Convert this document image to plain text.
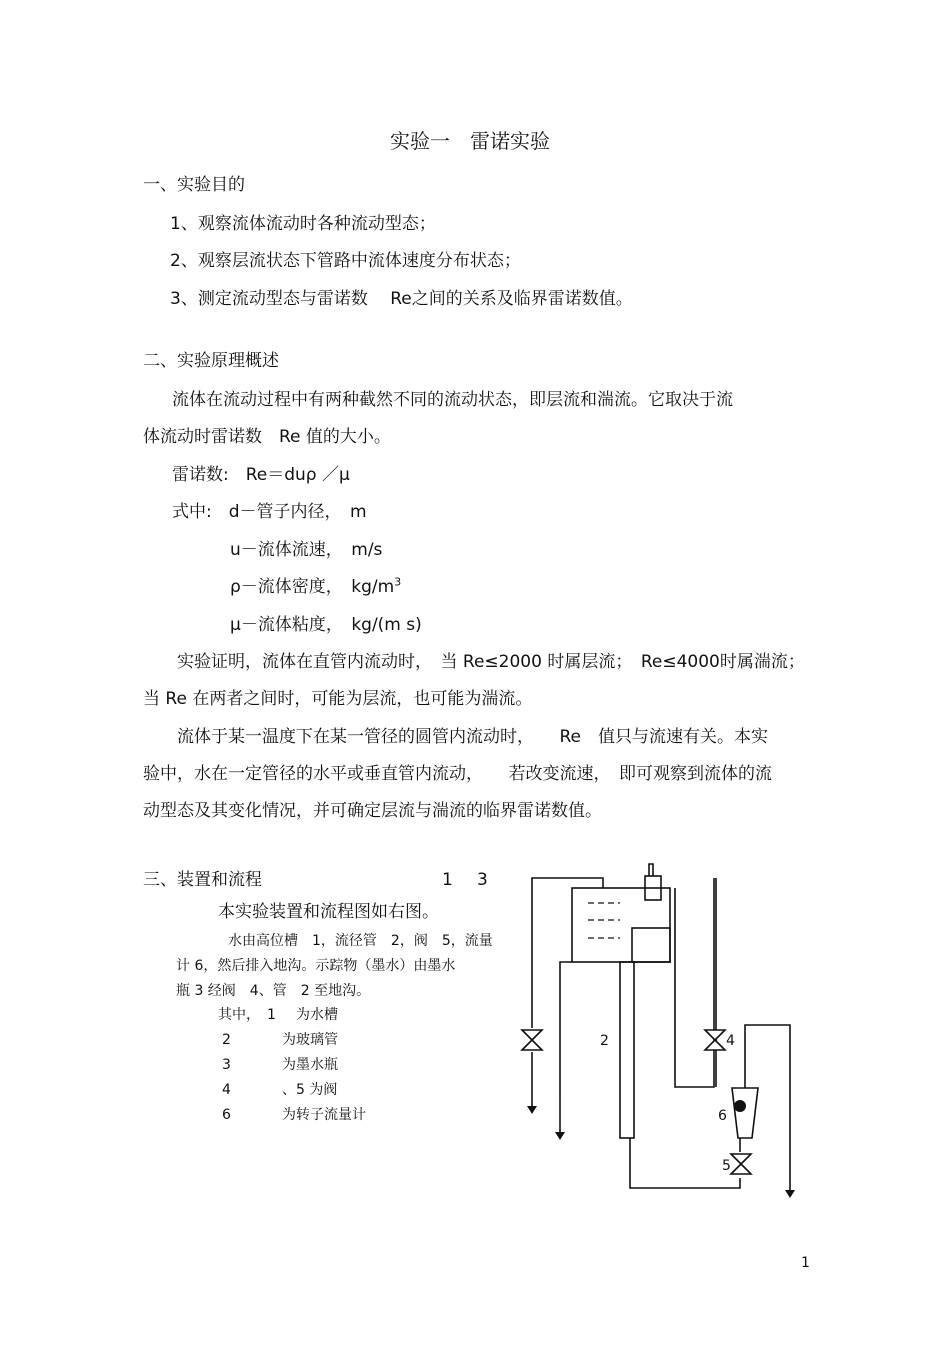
实验一　雷诺实验
一、实验目的
1、观察流体流动时各种流动型态；
2、观察层流状态下管路中流体速度分布状态；
3、测定流动型态与雷诺数　 Re之间的关系及临界雷诺数值。
二、实验原理概述
流体在流动过程中有两种截然不同的流动状态，即层流和湍流。它取决于流
体流动时雷诺数　Re 值的大小。
雷诺数:　Re＝duρ ／μ
式中:　d－管子内径，　m
u－流体流速，　m/s
ρ－流体密度，　$kg/m^3$
μ－流体粘度，　kg/(m s)
实验证明，流体在直管内流动时，　当 Re≤2000 时属层流；　Re≤4000时属湍流；
当 Re 在两者之间时，可能为层流，也可能为湍流。
流体于某一温度下在某一管径的圆管内流动时，　　Re　值只与流速有关。本实
验中，水在一定管径的水平或垂直管内流动，　　若改变流速，　即可观察到流体的流
动型态及其变化情况，并可确定层流与湍流的临界雷诺数值。
三、装置和流程
本实验装置和流程图如右图。
水由高位槽　1，流径管　2，阀　5，流量
计 6，然后排入地沟。示踪物（墨水）由墨水
瓶 3 经阀　4、管　2 至地沟。
其中，　1 为水槽
2	为玻璃管
3	为墨水瓶
4	、5 为阀
6	为转子流量计
1 3
2	4
6
5
1
